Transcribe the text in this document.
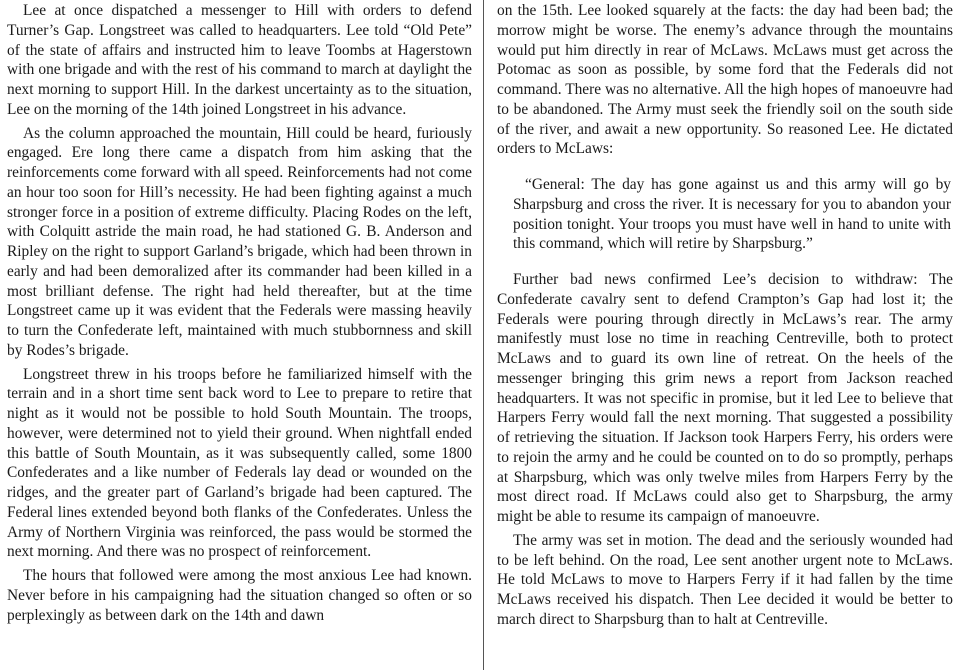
Lee at once dispatched a messenger to Hill with orders to defend Turner’s Gap. Longstreet was called to headquarters. Lee told “Old Pete” of the state of affairs and instructed him to leave Toombs at Hagerstown with one brigade and with the rest of his command to march at daylight the next morning to support Hill. In the darkest uncertainty as to the situation, Lee on the morning of the 14th joined Longstreet in his advance.

As the column approached the mountain, Hill could be heard, furiously engaged. Ere long there came a dispatch from him asking that the reinforcements come forward with all speed. Reinforcements had not come an hour too soon for Hill’s necessity. He had been fighting against a much stronger force in a position of extreme difficulty. Placing Rodes on the left, with Colquitt astride the main road, he had stationed G. B. Anderson and Ripley on the right to support Garland’s brigade, which had been thrown in early and had been demoralized after its commander had been killed in a most brilliant defense. The right had held thereafter, but at the time Longstreet came up it was evident that the Federals were massing heavily to turn the Confederate left, maintained with much stubbornness and skill by Rodes’s brigade.

Longstreet threw in his troops before he familiarized himself with the terrain and in a short time sent back word to Lee to prepare to retire that night as it would not be possible to hold South Mountain. The troops, however, were determined not to yield their ground. When nightfall ended this battle of South Mountain, as it was subsequently called, some 1800 Confederates and a like number of Federals lay dead or wounded on the ridges, and the greater part of Garland’s brigade had been captured. The Federal lines extended beyond both flanks of the Confederates. Unless the Army of Northern Virginia was reinforced, the pass would be stormed the next morning. And there was no prospect of reinforcement.

The hours that followed were among the most anxious Lee had known. Never before in his campaigning had the situation changed so often or so perplexingly as between dark on the 14th and dawn

on the 15th. Lee looked squarely at the facts: the day had been bad; the morrow might be worse. The enemy’s advance through the mountains would put him directly in rear of McLaws. McLaws must get across the Potomac as soon as possible, by some ford that the Federals did not command. There was no alternative. All the high hopes of manoeuvre had to be abandoned. The Army must seek the friendly soil on the south side of the river, and await a new opportunity. So reasoned Lee. He dictated orders to McLaws:

“General: The day has gone against us and this army will go by Sharpsburg and cross the river. It is necessary for you to abandon your position tonight. Your troops you must have well in hand to unite with this command, which will retire by Sharpsburg.”

Further bad news confirmed Lee’s decision to withdraw: The Confederate cavalry sent to defend Crampton’s Gap had lost it; the Federals were pouring through directly in McLaws’s rear. The army manifestly must lose no time in reaching Centreville, both to protect McLaws and to guard its own line of retreat. On the heels of the messenger bringing this grim news a report from Jackson reached headquarters. It was not specific in promise, but it led Lee to believe that Harpers Ferry would fall the next morning. That suggested a possibility of retrieving the situation. If Jackson took Harpers Ferry, his orders were to rejoin the army and he could be counted on to do so promptly, perhaps at Sharpsburg, which was only twelve miles from Harpers Ferry by the most direct road. If McLaws could also get to Sharpsburg, the army might be able to resume its campaign of manoeuvre.

The army was set in motion. The dead and the seriously wounded had to be left behind. On the road, Lee sent another urgent note to McLaws. He told McLaws to move to Harpers Ferry if it had fallen by the time McLaws received his dispatch. Then Lee decided it would be better to march direct to Sharpsburg than to halt at Centreville.
